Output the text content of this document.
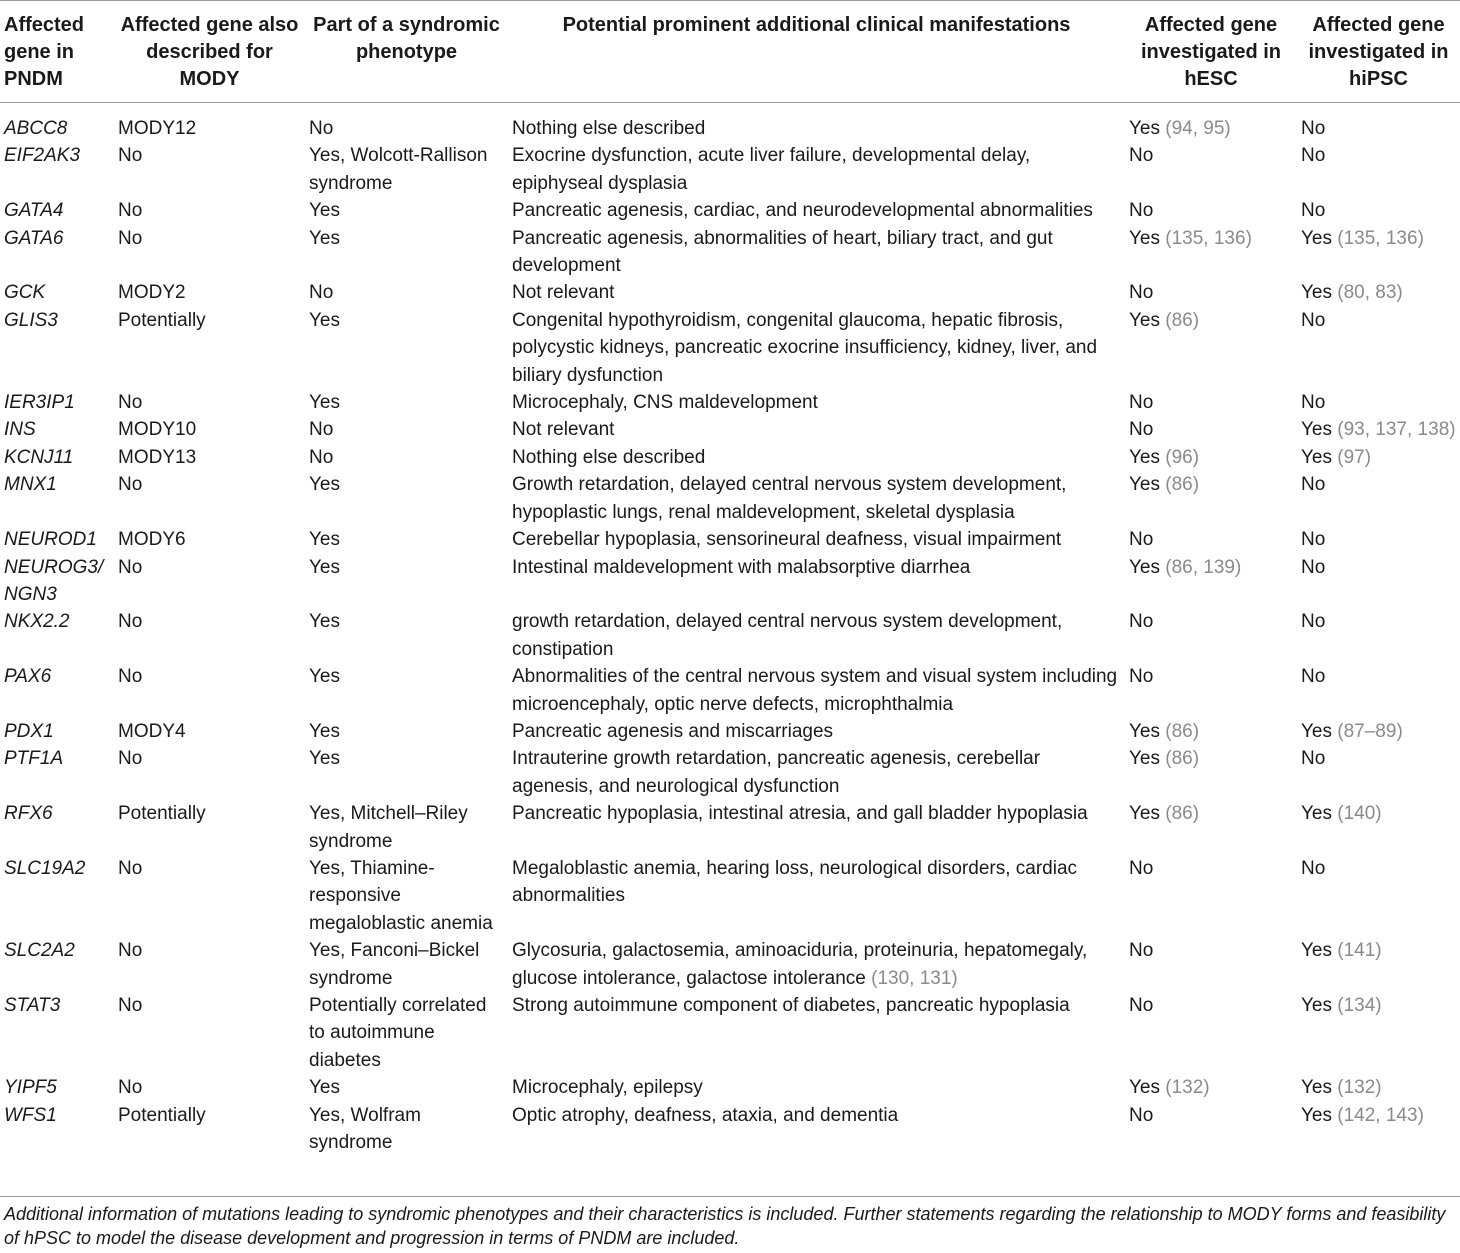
Affected gene in PNDM	Affected gene also described for MODY	Part of a syndromic phenotype	Potential prominent additional clinical manifestations	Affected gene investigated in hESC	Affected gene investigated in hiPSC
ABCC8	MODY12	No	Nothing else described	Yes (94, 95)	No
EIF2AK3	No	Yes, Wolcott-Rallison syndrome	Exocrine dysfunction, acute liver failure, developmental delay, epiphyseal dysplasia	No	No
GATA4	No	Yes	Pancreatic agenesis, cardiac, and neurodevelopmental abnormalities	No	No
GATA6	No	Yes	Pancreatic agenesis, abnormalities of heart, biliary tract, and gut development	Yes (135, 136)	Yes (135, 136)
GCK	MODY2	No	Not relevant	No	Yes (80, 83)
GLIS3	Potentially	Yes	Congenital hypothyroidism, congenital glaucoma, hepatic fibrosis, polycystic kidneys, pancreatic exocrine insufficiency, kidney, liver, and biliary dysfunction	Yes (86)	No
IER3IP1	No	Yes	Microcephaly, CNS maldevelopment	No	No
INS	MODY10	No	Not relevant	No	Yes (93, 137, 138)
KCNJ11	MODY13	No	Nothing else described	Yes (96)	Yes (97)
MNX1	No	Yes	Growth retardation, delayed central nervous system development, hypoplastic lungs, renal maldevelopment, skeletal dysplasia	Yes (86)	No
NEUROD1	MODY6	Yes	Cerebellar hypoplasia, sensorineural deafness, visual impairment	No	No
NEUROG3/ NGN3	No	Yes	Intestinal maldevelopment with malabsorptive diarrhea	Yes (86, 139)	No
NKX2.2	No	Yes	growth retardation, delayed central nervous system development, constipation	No	No
PAX6	No	Yes	Abnormalities of the central nervous system and visual system including microencephaly, optic nerve defects, microphthalmia	No	No
PDX1	MODY4	Yes	Pancreatic agenesis and miscarriages	Yes (86)	Yes (87–89)
PTF1A	No	Yes	Intrauterine growth retardation, pancreatic agenesis, cerebellar agenesis, and neurological dysfunction	Yes (86)	No
RFX6	Potentially	Yes, Mitchell–Riley syndrome	Pancreatic hypoplasia, intestinal atresia, and gall bladder hypoplasia	Yes (86)	Yes (140)
SLC19A2	No	Yes, Thiamine-responsive megaloblastic anemia	Megaloblastic anemia, hearing loss, neurological disorders, cardiac abnormalities	No	No
SLC2A2	No	Yes, Fanconi–Bickel syndrome	Glycosuria, galactosemia, aminoaciduria, proteinuria, hepatomegaly, glucose intolerance, galactose intolerance (130, 131)	No	Yes (141)
STAT3	No	Potentially correlated to autoimmune diabetes	Strong autoimmune component of diabetes, pancreatic hypoplasia	No	Yes (134)
YIPF5	No	Yes	Microcephaly, epilepsy	Yes (132)	Yes (132)
WFS1	Potentially	Yes, Wolfram syndrome	Optic atrophy, deafness, ataxia, and dementia	No	Yes (142, 143)
Additional information of mutations leading to syndromic phenotypes and their characteristics is included. Further statements regarding the relationship to MODY forms and feasibility of hPSC to model the disease development and progression in terms of PNDM are included.
